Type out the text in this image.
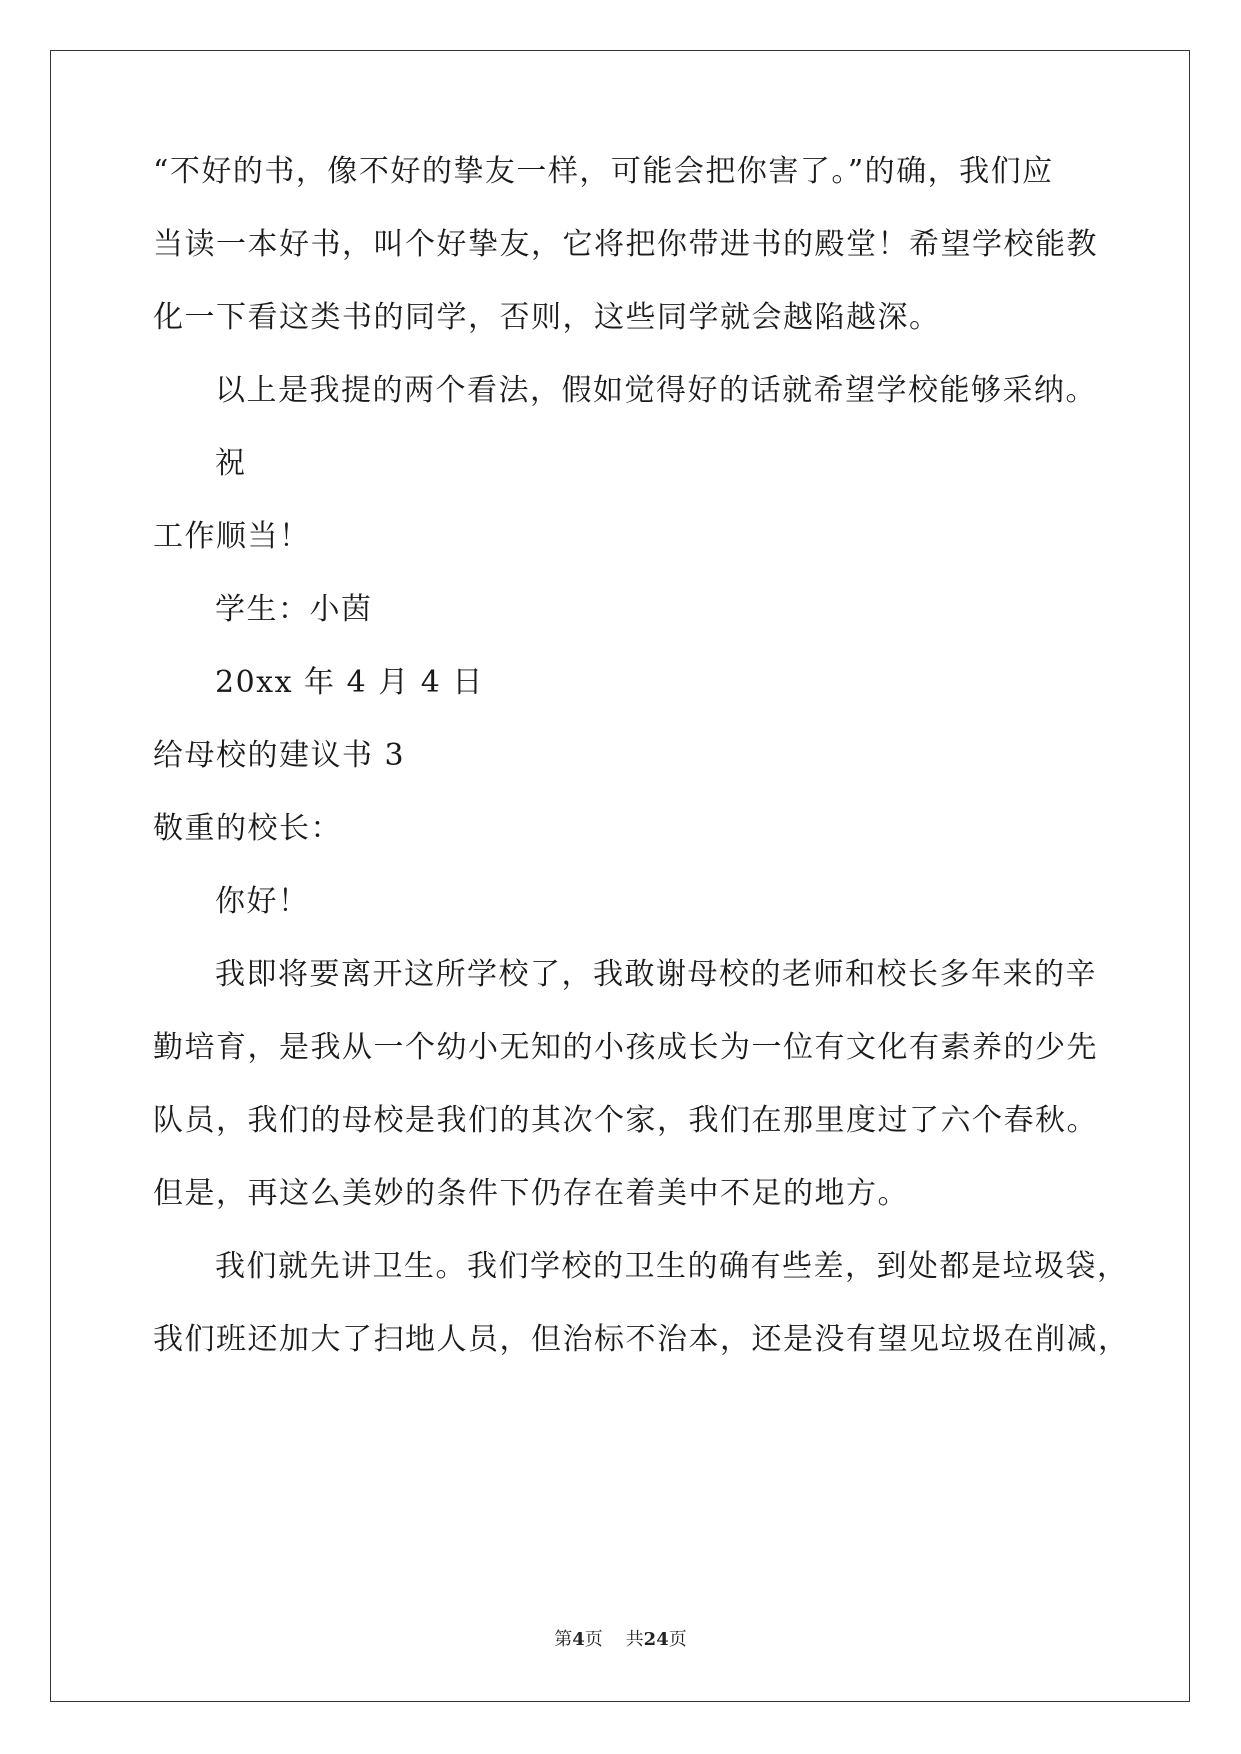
“不好的书，像不好的挚友一样，可能会把你害了。”的确，我们应
当读一本好书，叫个好挚友，它将把你带进书的殿堂！希望学校能教
化一下看这类书的同学，否则，这些同学就会越陷越深。
以上是我提的两个看法，假如觉得好的话就希望学校能够采纳。
祝
工作顺当！
学生：小茵
20xx 年 4 月 4 日
给母校的建议书 3
敬重的校长：
你好！
我即将要离开这所学校了，我敢谢母校的老师和校长多年来的辛
勤培育，是我从一个幼小无知的小孩成长为一位有文化有素养的少先
队员，我们的母校是我们的其次个家，我们在那里度过了六个春秋。
但是，再这么美妙的条件下仍存在着美中不足的地方。
我们就先讲卫生。我们学校的卫生的确有些差，到处都是垃圾袋，
我们班还加大了扫地人员，但治标不治本，还是没有望见垃圾在削减，
第4页 共24页
